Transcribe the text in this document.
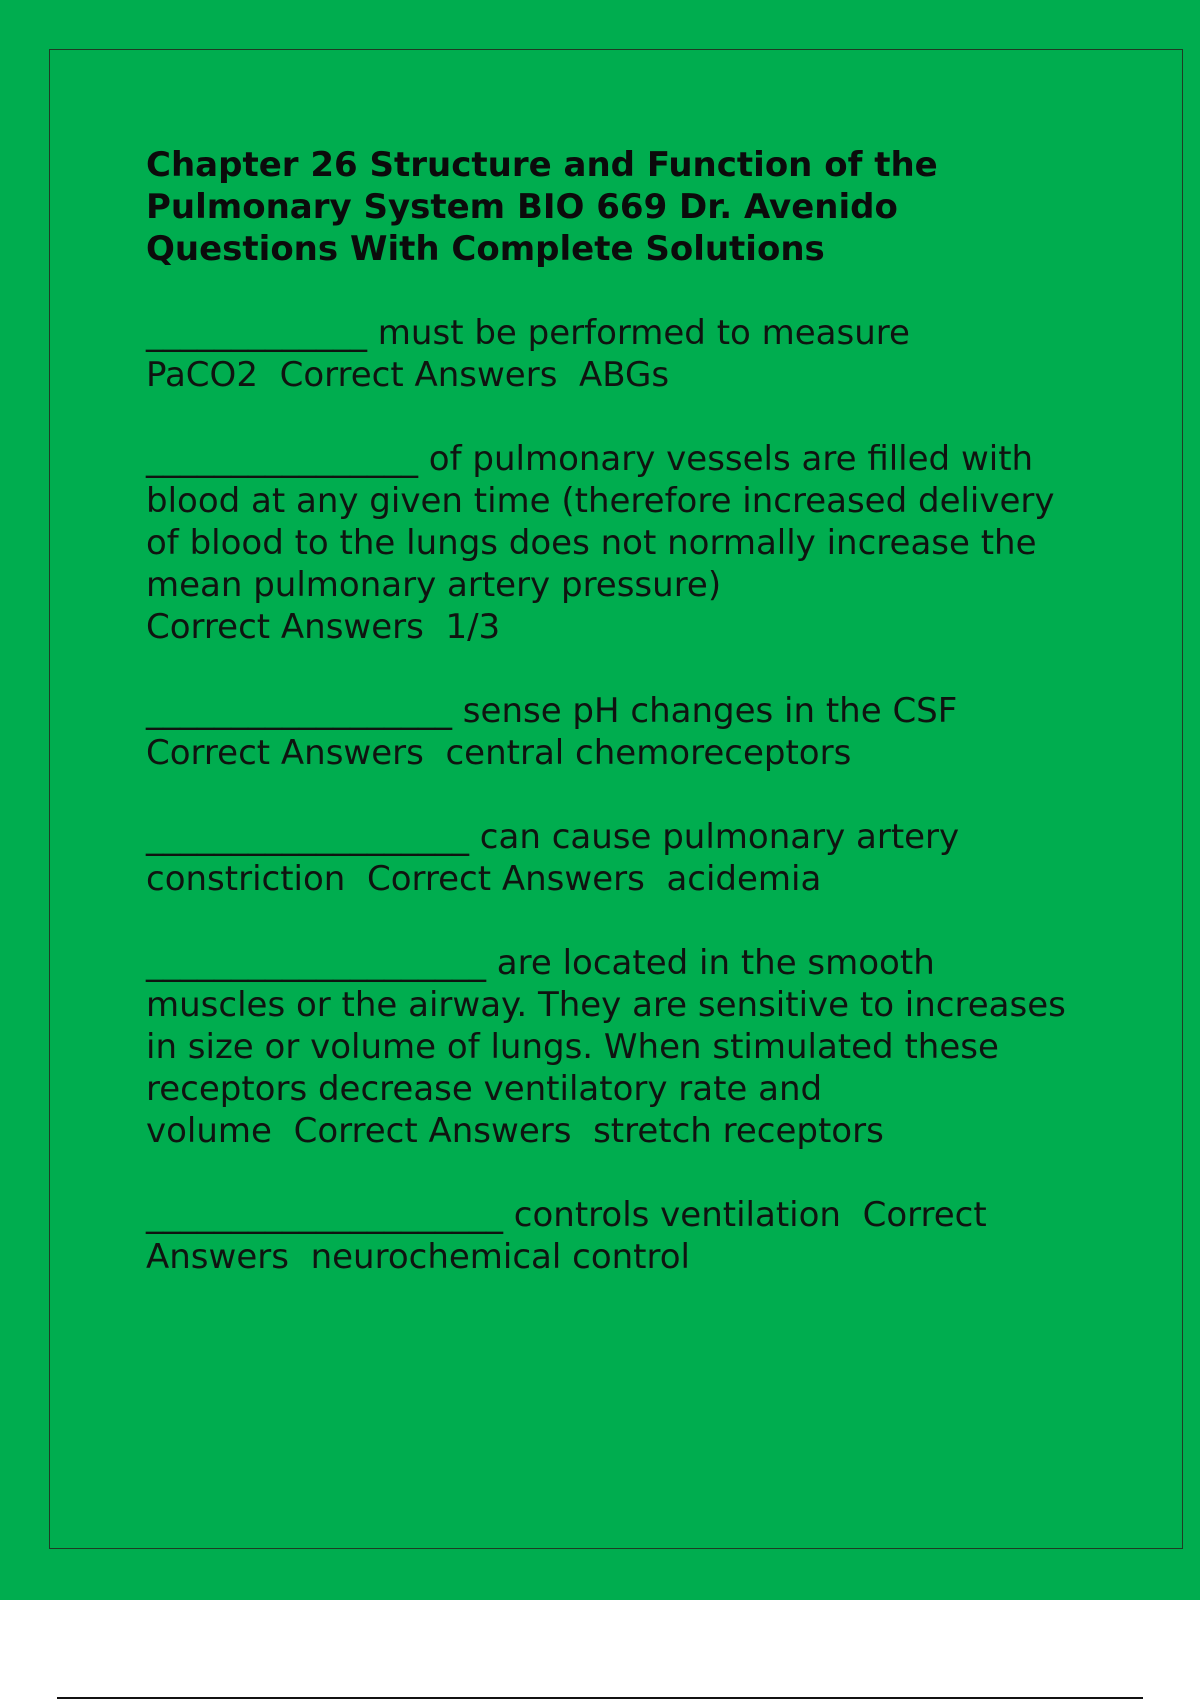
Chapter 26 Structure and Function of the Pulmonary System BIO 669 Dr. Avenido Questions With Complete Solutions

_____________ must be performed to measure PaCO2 Correct Answers ABGs

________________ of pulmonary vessels are filled with blood at any given time (therefore increased delivery of blood to the lungs does not normally increase the mean pulmonary artery pressure)
Correct Answers 1/3

__________________ sense pH changes in the CSF
Correct Answers central chemoreceptors

___________________ can cause pulmonary artery constriction Correct Answers acidemia

____________________ are located in the smooth muscles or the airway. They are sensitive to increases in size or volume of lungs. When stimulated these receptors decrease ventilatory rate and volume Correct Answers stretch receptors

_____________________ controls ventilation Correct Answers neurochemical control
